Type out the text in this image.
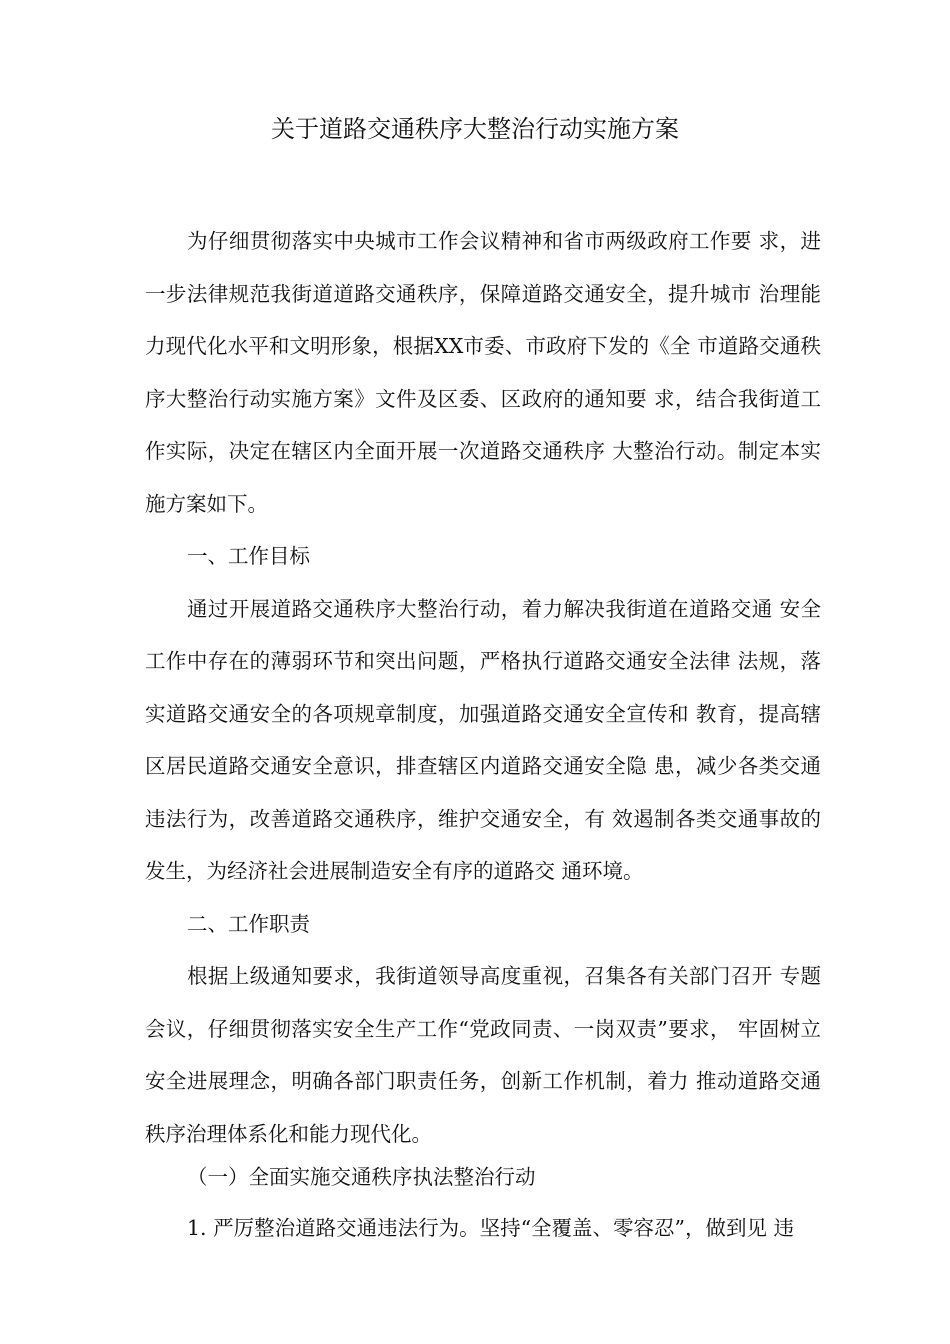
关于道路交通秩序大整治行动实施方案

为仔细贯彻落实中央城市工作会议精神和省市两级政府工作要 求，进一步法律规范我街道道路交通秩序，保障道路交通安全，提升城市 治理能力现代化水平和文明形象，根据XX市委、市政府下发的《全 市道路交通秩序大整治行动实施方案》文件及区委、区政府的通知要 求，结合我街道工作实际，决定在辖区内全面开展一次道路交通秩序 大整治行动。制定本实施方案如下。

一、工作目标

通过开展道路交通秩序大整治行动，着力解决我街道在道路交通 安全工作中存在的薄弱环节和突出问题，严格执行道路交通安全法律 法规，落实道路交通安全的各项规章制度，加强道路交通安全宣传和 教育，提高辖区居民道路交通安全意识，排查辖区内道路交通安全隐 患，减少各类交通违法行为，改善道路交通秩序，维护交通安全，有 效遏制各类交通事故的发生，为经济社会进展制造安全有序的道路交 通环境。

二、工作职责

根据上级通知要求，我街道领导高度重视，召集各有关部门召开 专题会议，仔细贯彻落实安全生产工作“党政同责、一岗双责”要求， 牢固树立安全进展理念，明确各部门职责任务，创新工作机制，着力 推动道路交通秩序治理体系化和能力现代化。

（一）全面实施交通秩序执法整治行动

1. 严厉整治道路交通违法行为。坚持“全覆盖、零容忍”，做到见 违
